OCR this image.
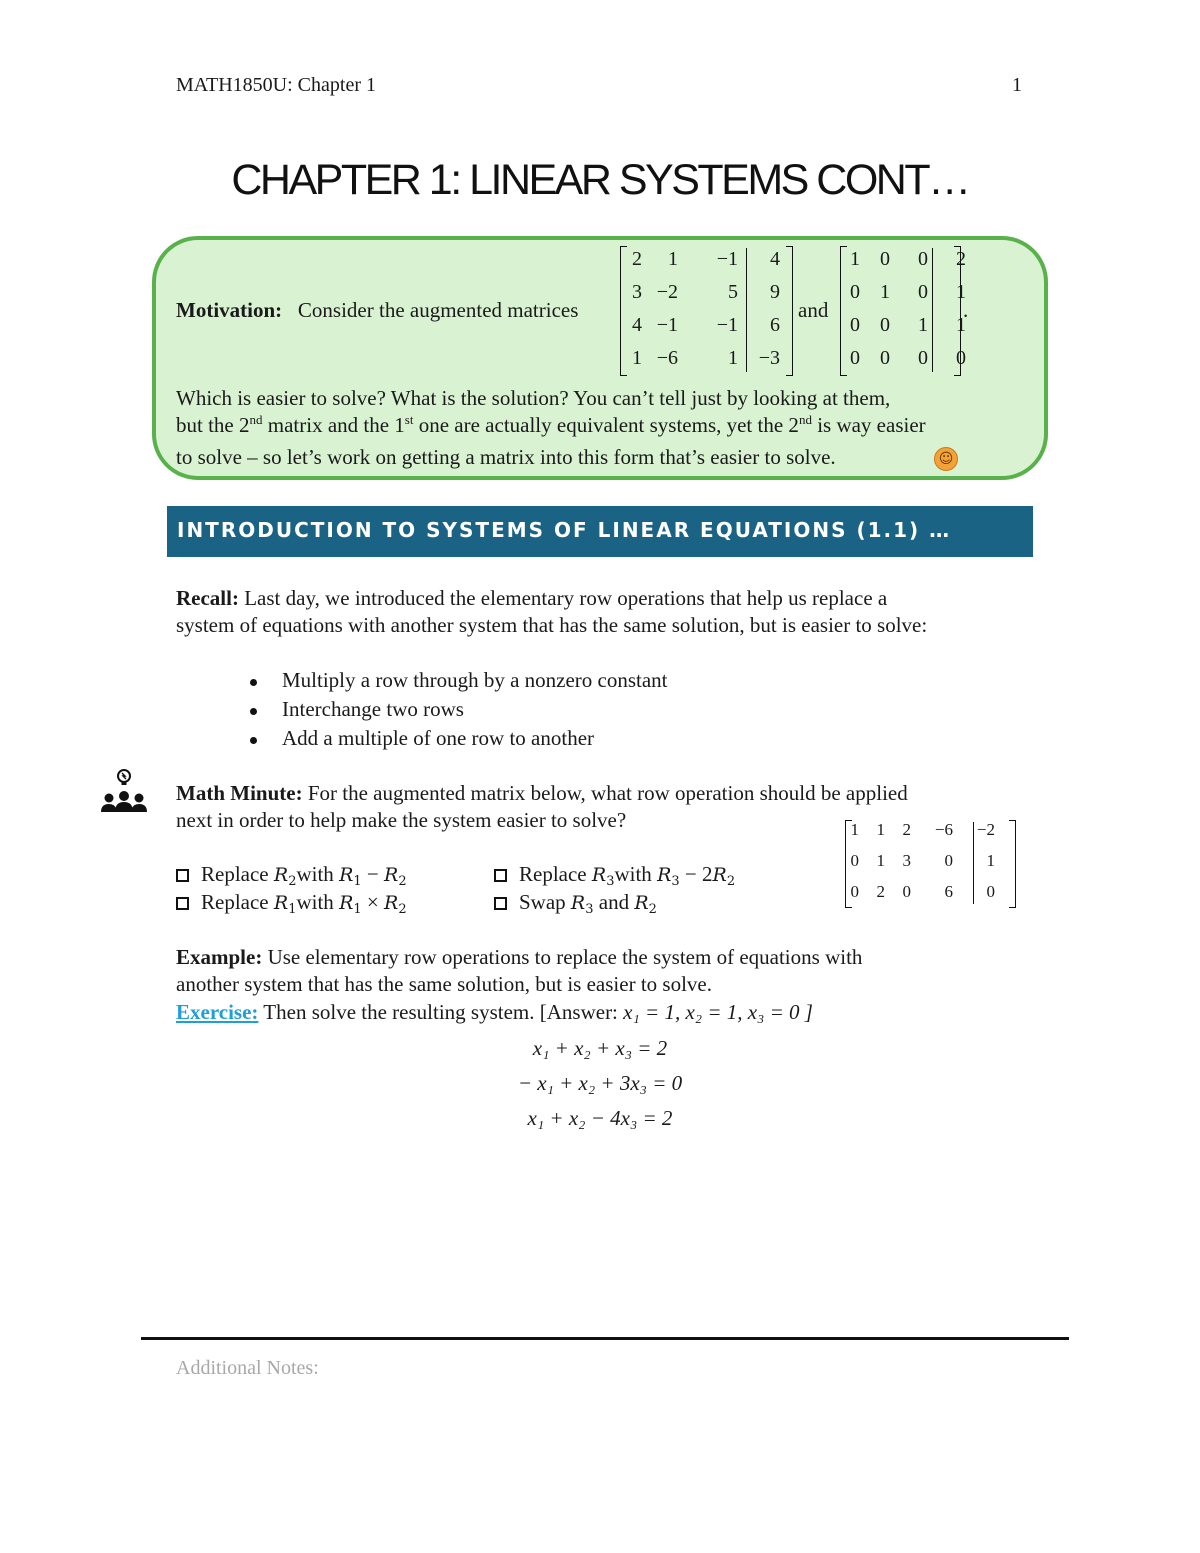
MATH1850U: Chapter 1	1
CHAPTER 1: LINEAR SYSTEMS CONT…
Motivation: Consider the augmented matrices
2	1	−1	4
3 −2	5	9
4 −1	−1	6
1 −6	1	−3
and
1	0	0	2
0	1	0	1
0	0	1	1
0	0	0	0
.
Which is easier to solve? What is the solution? You can’t tell just by looking at them,
but the 2nd matrix and the 1st one are actually equivalent systems, yet the 2nd is way easier
to solve – so let’s work on getting a matrix into this form that’s easier to solve.	☺
INTRODUCTION TO SYSTEMS OF LINEAR EQUATIONS (1.1) …
Recall: Last day, we introduced the elementary row operations that help us replace a
system of equations with another system that has the same solution, but is easier to solve:
Multiply a row through by a nonzero constant
Interchange two rows
Add a multiple of one row to another
Math Minute: For the augmented matrix below, what row operation should be applied
next in order to help make the system easier to solve?
Replace $R_2with$ $R_1 - R_2$	Replace $R_3with$ $R_3 - 2R_2$
Replace $R_1with$ $R_1 \times R_2$	Swap $R_3$ and $R_2$
1	1	2	−6	−2
0	1	3	0	1
0	2	0	6	0
Example: Use elementary row operations to replace the system of equations with
another system that has the same solution, but is easier to solve.
Exercise: Then solve the resulting system. [Answer: x₁ = 1, x₂ = 1, x₃ = 0 ]
x₁ + x₂ + x₃ = 2
− x₁ + x₂ + 3x₃ = 0
x₁ + x₂ − 4x₃ = 2
Additional Notes:
